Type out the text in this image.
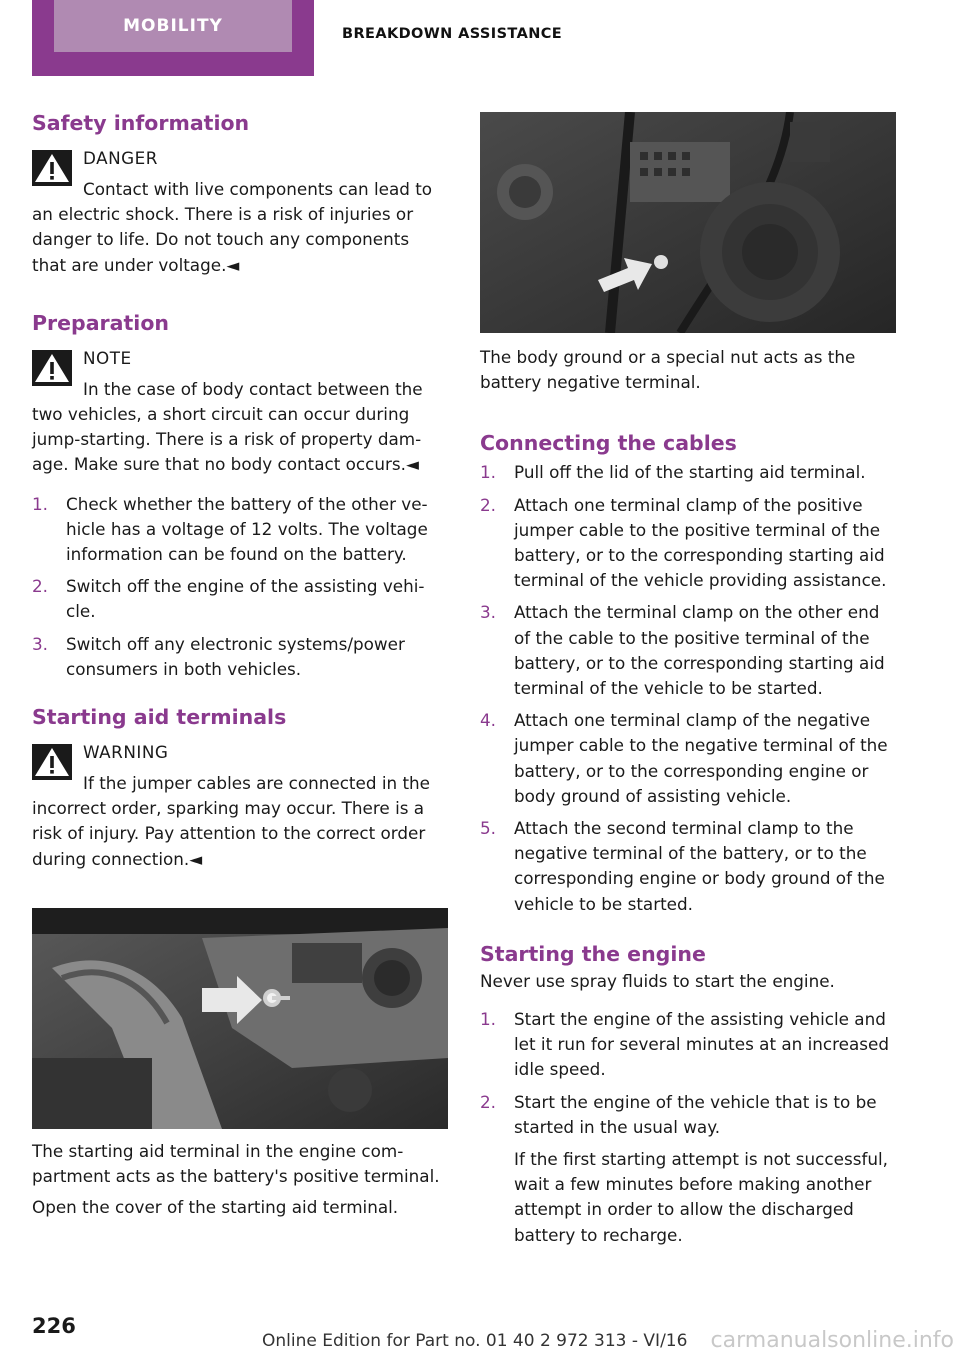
MOBILITY	BREAKDOWN ASSISTANCE
Safety information
DANGER

Contact with live components can lead to an electric shock. There is a risk of injuries or danger to life. Do not touch any components that are under voltage.◄

Preparation
NOTE

In the case of body contact between the two vehicles, a short circuit can occur during jump-starting. There is a risk of property dam‐ age. Make sure that no body contact occurs.◄

1. Check whether the battery of the other ve‐ hicle has a voltage of 12 volts. The voltage information can be found on the battery.
2. Switch off the engine of the assisting vehi‐ cle.
3. Switch off any electronic systems/power consumers in both vehicles.
Starting aid terminals
WARNING

If the jumper cables are connected in the incorrect order, sparking may occur. There is a risk of injury. Pay attention to the correct order during connection.◄

The starting aid terminal in the engine com‐ partment acts as the battery's positive terminal.

Open the cover of the starting aid terminal.

The body ground or a special nut acts as the battery negative terminal.

Connecting the cables
1. Pull off the lid of the starting aid terminal.
2. Attach one terminal clamp of the positive jumper cable to the positive terminal of the battery, or to the corresponding starting aid terminal of the vehicle providing assistance.
3. Attach the terminal clamp on the other end of the cable to the positive terminal of the battery, or to the corresponding starting aid terminal of the vehicle to be started.
4. Attach one terminal clamp of the negative jumper cable to the negative terminal of the battery, or to the corresponding engine or body ground of assisting vehicle.
5. Attach the second terminal clamp to the negative terminal of the battery, or to the corresponding engine or body ground of the vehicle to be started.
Starting the engine

Never use spray fluids to start the engine.

1. Start the engine of the assisting vehicle and let it run for several minutes at an increased idle speed.
2. Start the engine of the vehicle that is to be started in the usual way.

If the first starting attempt is not successful, wait a few minutes before making another attempt in order to allow the discharged battery to recharge.

226
Online Edition for Part no. 01 40 2 972 313 - VI/16 carmanualsonline.info
